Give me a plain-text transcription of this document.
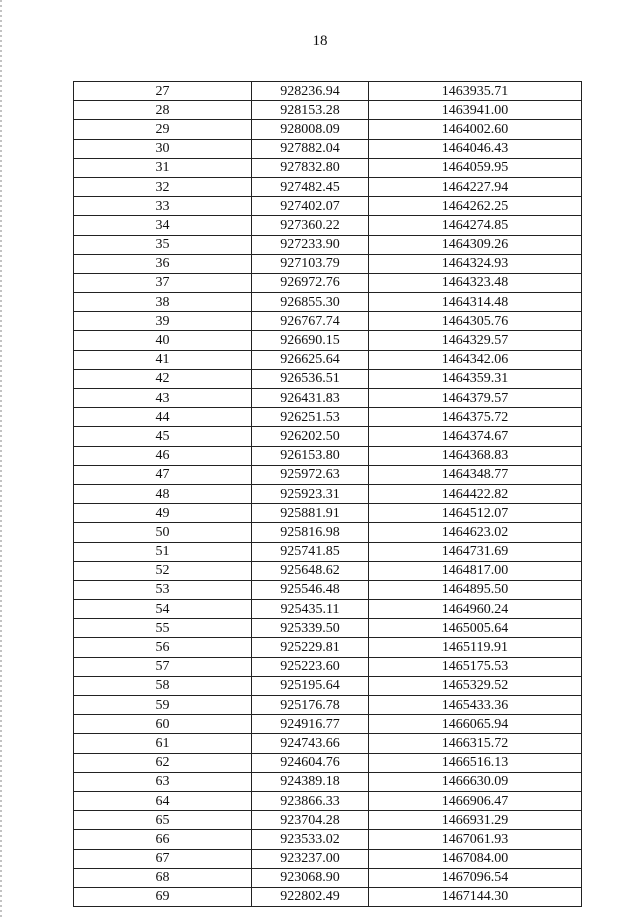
18
27	928236.94	1463935.71
28	928153.28	1463941.00
29	928008.09	1464002.60
30	927882.04	1464046.43
31	927832.80	1464059.95
32	927482.45	1464227.94
33	927402.07	1464262.25
34	927360.22	1464274.85
35	927233.90	1464309.26
36	927103.79	1464324.93
37	926972.76	1464323.48
38	926855.30	1464314.48
39	926767.74	1464305.76
40	926690.15	1464329.57
41	926625.64	1464342.06
42	926536.51	1464359.31
43	926431.83	1464379.57
44	926251.53	1464375.72
45	926202.50	1464374.67
46	926153.80	1464368.83
47	925972.63	1464348.77
48	925923.31	1464422.82
49	925881.91	1464512.07
50	925816.98	1464623.02
51	925741.85	1464731.69
52	925648.62	1464817.00
53	925546.48	1464895.50
54	925435.11	1464960.24
55	925339.50	1465005.64
56	925229.81	1465119.91
57	925223.60	1465175.53
58	925195.64	1465329.52
59	925176.78	1465433.36
60	924916.77	1466065.94
61	924743.66	1466315.72
62	924604.76	1466516.13
63	924389.18	1466630.09
64	923866.33	1466906.47
65	923704.28	1466931.29
66	923533.02	1467061.93
67	923237.00	1467084.00
68	923068.90	1467096.54
69	922802.49	1467144.30
